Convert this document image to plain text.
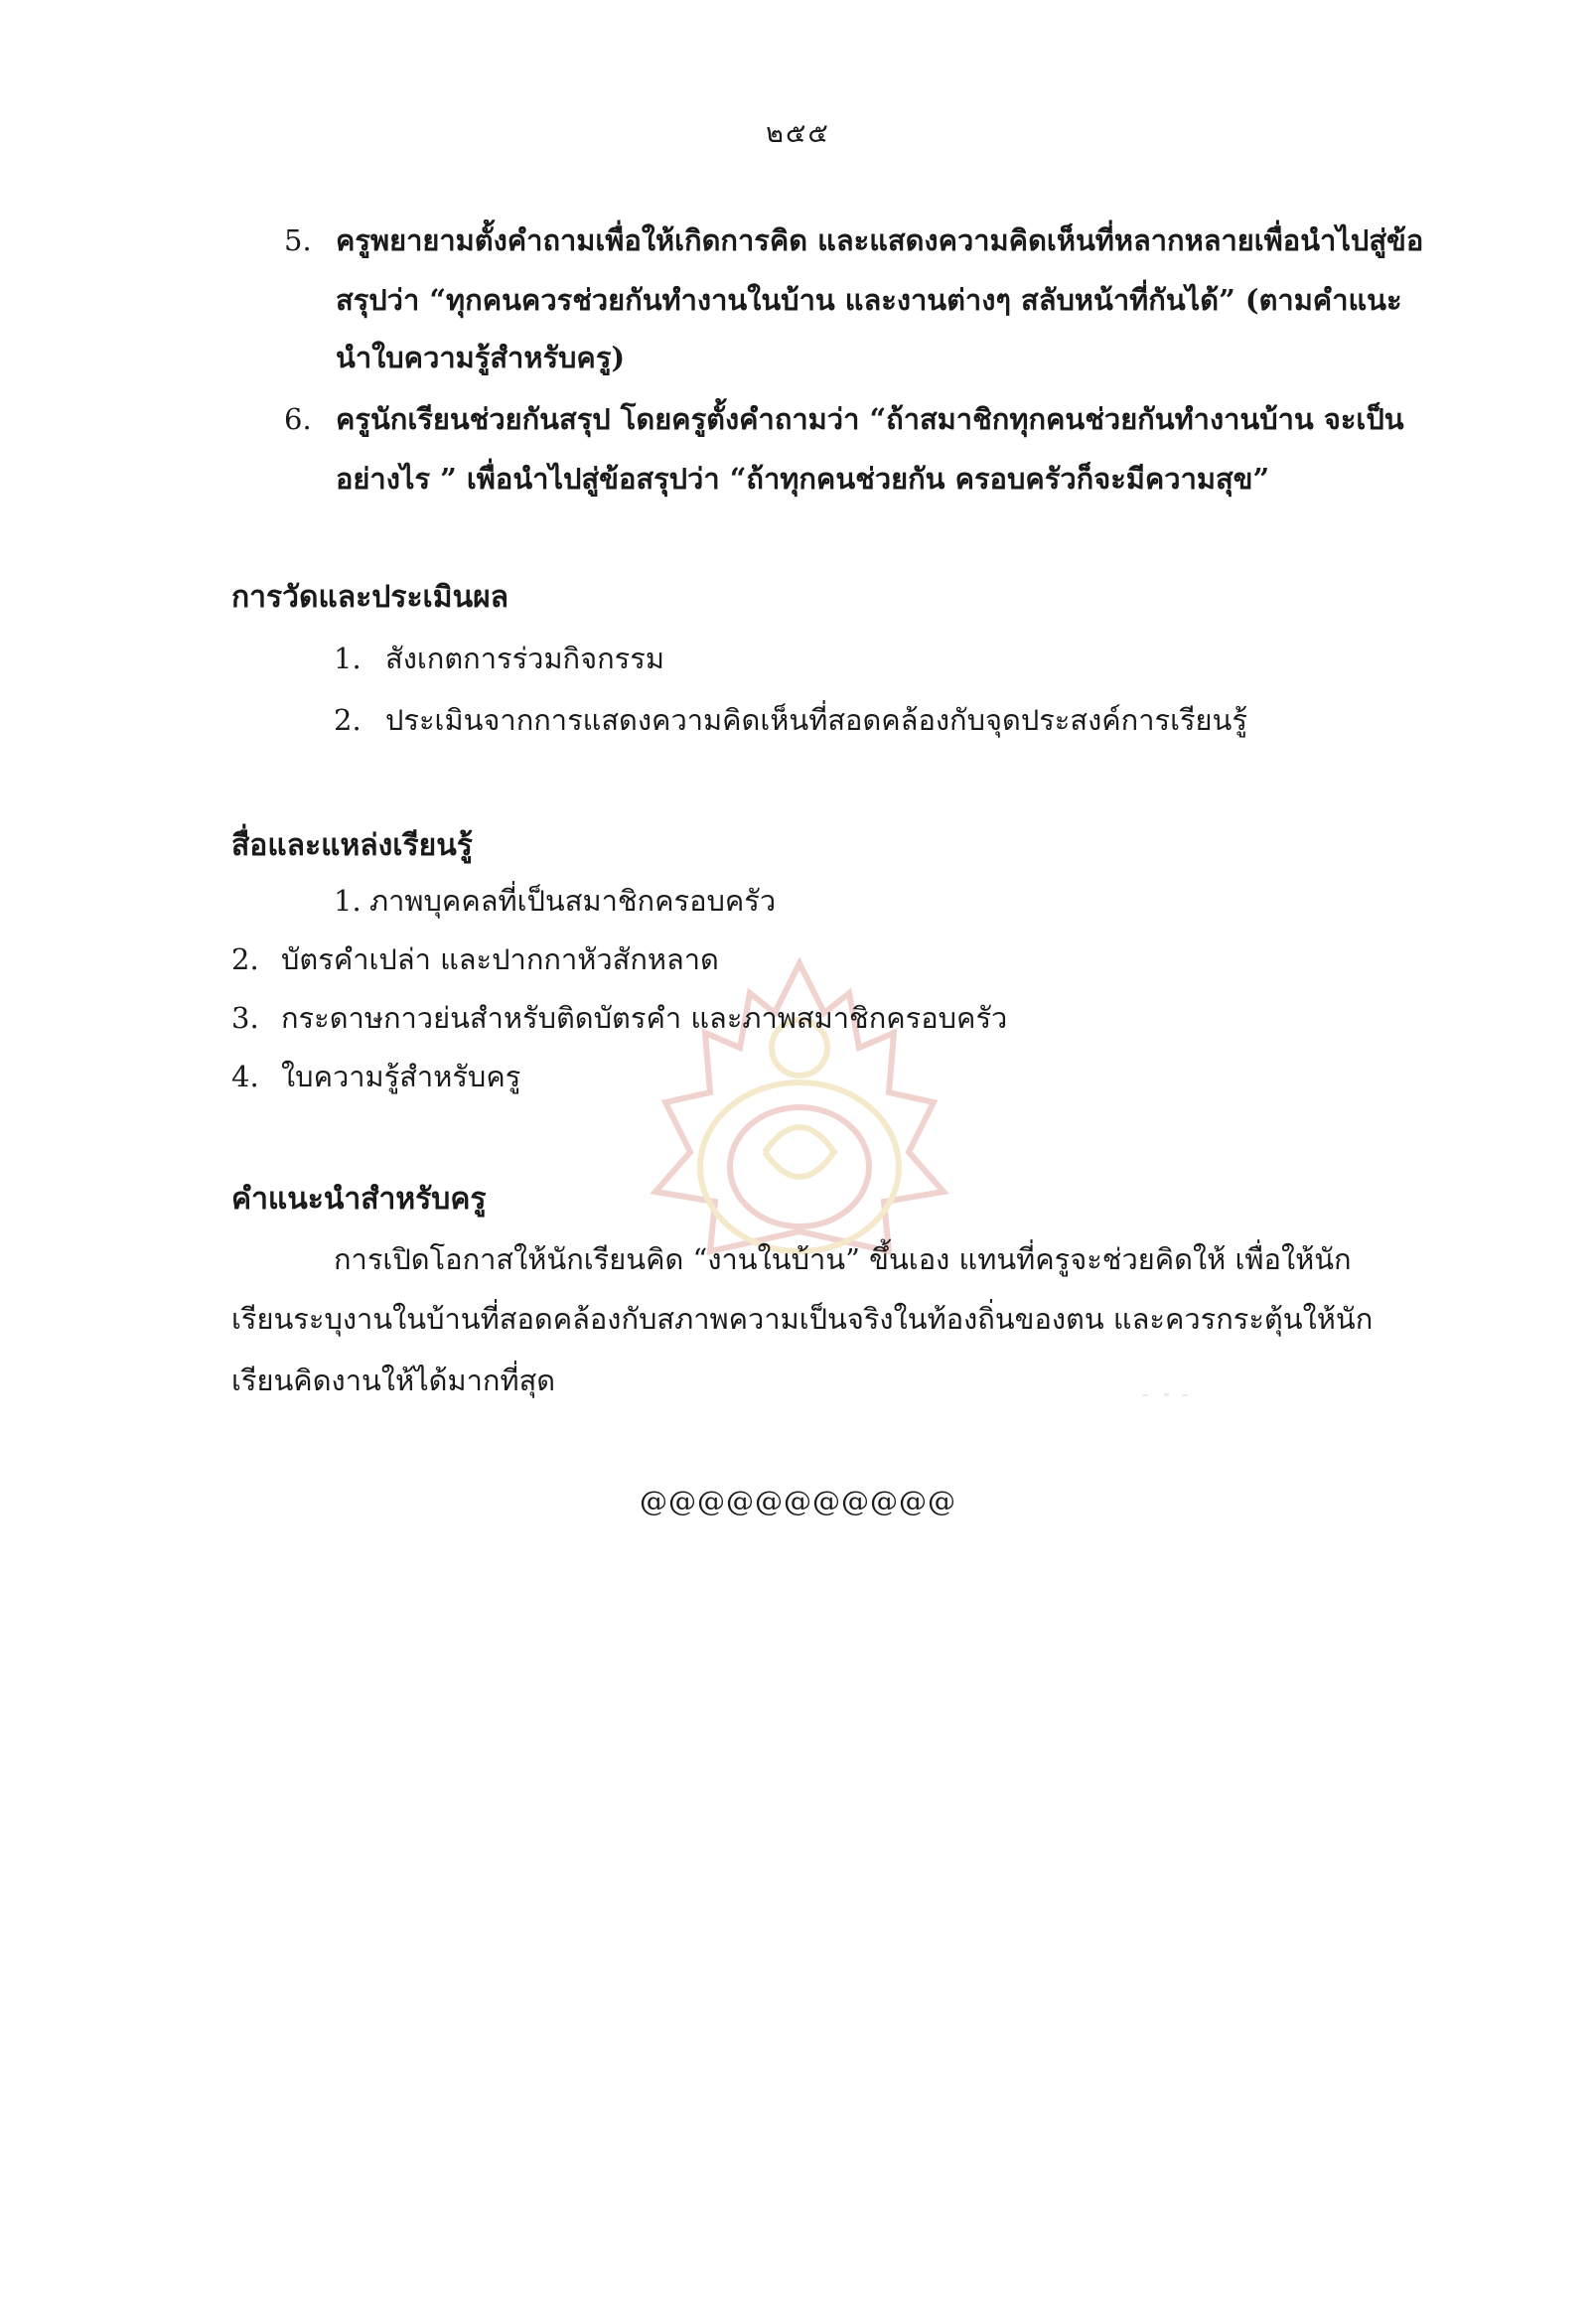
๒๕๕
5. ครูพยายามตั้งคำถามเพื่อให้เกิดการคิด และแสดงความคิดเห็นที่หลากหลายเพื่อนำไปสู่ข้อ
สรุปว่า “ทุกคนควรช่วยกันทำงานในบ้าน และงานต่างๆ สลับหน้าที่กันได้” (ตามคำแนะ
นำใบความรู้สำหรับครู)
6. ครูนักเรียนช่วยกันสรุป โดยครูตั้งคำถามว่า “ถ้าสมาชิกทุกคนช่วยกันทำงานบ้าน จะเป็น
อย่างไร ” เพื่อนำไปสู่ข้อสรุปว่า “ถ้าทุกคนช่วยกัน ครอบครัวก็จะมีความสุข”
การวัดและประเมินผล
1. สังเกตการร่วมกิจกรรม
2. ประเมินจากการแสดงความคิดเห็นที่สอดคล้องกับจุดประสงค์การเรียนรู้
สื่อและแหล่งเรียนรู้
1. ภาพบุคคลที่เป็นสมาชิกครอบครัว
2. บัตรคำเปล่า และปากกาหัวสักหลาด
3. กระดาษกาวย่นสำหรับติดบัตรคำ และภาพสมาชิกครอบครัว
4. ใบความรู้สำหรับครู
คำแนะนำสำหรับครู
การเปิดโอกาสให้นักเรียนคิด “งานในบ้าน” ขึ้นเอง แทนที่ครูจะช่วยคิดให้ เพื่อให้นัก
เรียนระบุงานในบ้านที่สอดคล้องกับสภาพความเป็นจริงในท้องถิ่นของตน และควรกระตุ้นให้นัก
เรียนคิดงานให้ได้มากที่สุด
@@@@@@@@@@@
